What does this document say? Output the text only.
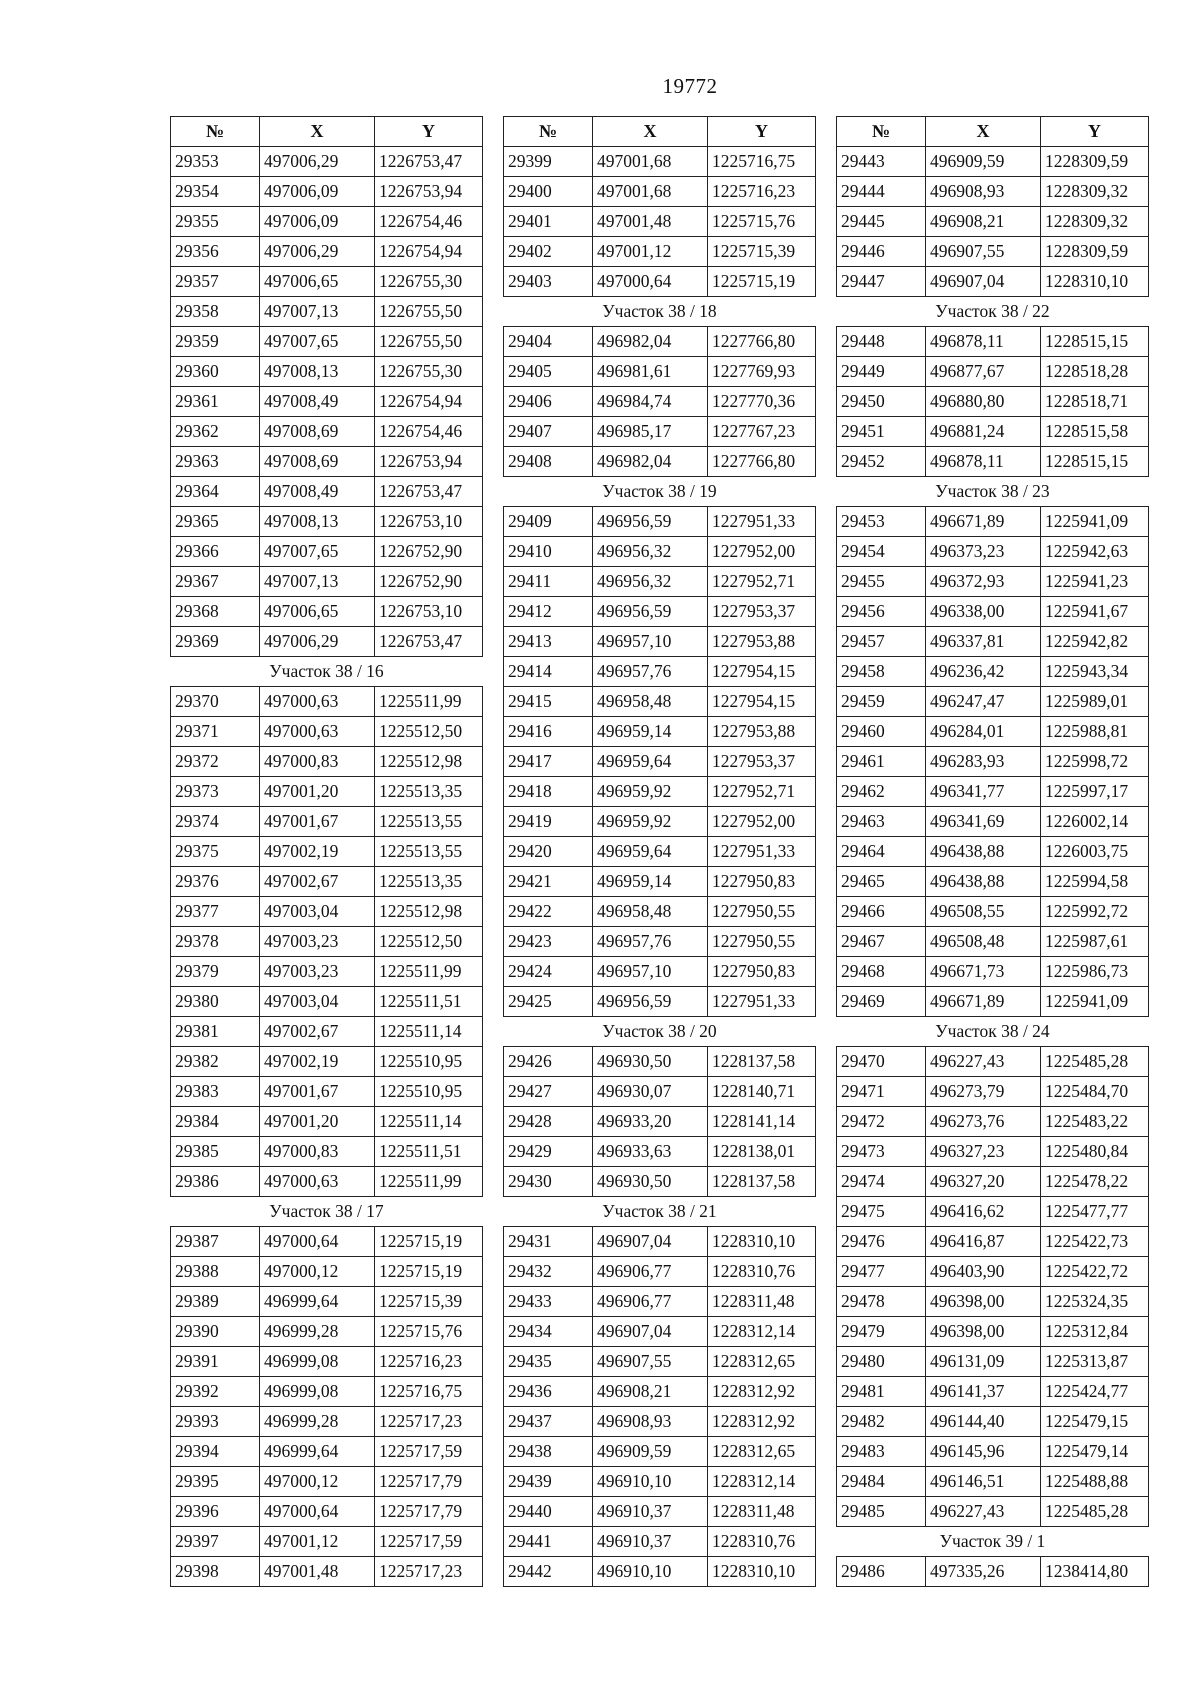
19772
№	X	Y
29353	497006,29	1226753,47
29354	497006,09	1226753,94
29355	497006,09	1226754,46
29356	497006,29	1226754,94
29357	497006,65	1226755,30
29358	497007,13	1226755,50
29359	497007,65	1226755,50
29360	497008,13	1226755,30
29361	497008,49	1226754,94
29362	497008,69	1226754,46
29363	497008,69	1226753,94
29364	497008,49	1226753,47
29365	497008,13	1226753,10
29366	497007,65	1226752,90
29367	497007,13	1226752,90
29368	497006,65	1226753,10
29369	497006,29	1226753,47
Участок 38 / 16		
29370	497000,63	1225511,99
29371	497000,63	1225512,50
29372	497000,83	1225512,98
29373	497001,20	1225513,35
29374	497001,67	1225513,55
29375	497002,19	1225513,55
29376	497002,67	1225513,35
29377	497003,04	1225512,98
29378	497003,23	1225512,50
29379	497003,23	1225511,99
29380	497003,04	1225511,51
29381	497002,67	1225511,14
29382	497002,19	1225510,95
29383	497001,67	1225510,95
29384	497001,20	1225511,14
29385	497000,83	1225511,51
29386	497000,63	1225511,99
Участок 38 / 17		
29387	497000,64	1225715,19
29388	497000,12	1225715,19
29389	496999,64	1225715,39
29390	496999,28	1225715,76
29391	496999,08	1225716,23
29392	496999,08	1225716,75
29393	496999,28	1225717,23
29394	496999,64	1225717,59
29395	497000,12	1225717,79
29396	497000,64	1225717,79
29397	497001,12	1225717,59
29398	497001,48	1225717,23
№	X	Y
29399	497001,68	1225716,75
29400	497001,68	1225716,23
29401	497001,48	1225715,76
29402	497001,12	1225715,39
29403	497000,64	1225715,19
Участок 38 / 18		
29404	496982,04	1227766,80
29405	496981,61	1227769,93
29406	496984,74	1227770,36
29407	496985,17	1227767,23
29408	496982,04	1227766,80
Участок 38 / 19		
29409	496956,59	1227951,33
29410	496956,32	1227952,00
29411	496956,32	1227952,71
29412	496956,59	1227953,37
29413	496957,10	1227953,88
29414	496957,76	1227954,15
29415	496958,48	1227954,15
29416	496959,14	1227953,88
29417	496959,64	1227953,37
29418	496959,92	1227952,71
29419	496959,92	1227952,00
29420	496959,64	1227951,33
29421	496959,14	1227950,83
29422	496958,48	1227950,55
29423	496957,76	1227950,55
29424	496957,10	1227950,83
29425	496956,59	1227951,33
Участок 38 / 20		
29426	496930,50	1228137,58
29427	496930,07	1228140,71
29428	496933,20	1228141,14
29429	496933,63	1228138,01
29430	496930,50	1228137,58
Участок 38 / 21		
29431	496907,04	1228310,10
29432	496906,77	1228310,76
29433	496906,77	1228311,48
29434	496907,04	1228312,14
29435	496907,55	1228312,65
29436	496908,21	1228312,92
29437	496908,93	1228312,92
29438	496909,59	1228312,65
29439	496910,10	1228312,14
29440	496910,37	1228311,48
29441	496910,37	1228310,76
29442	496910,10	1228310,10
№	X	Y
29443	496909,59	1228309,59
29444	496908,93	1228309,32
29445	496908,21	1228309,32
29446	496907,55	1228309,59
29447	496907,04	1228310,10
Участок 38 / 22		
29448	496878,11	1228515,15
29449	496877,67	1228518,28
29450	496880,80	1228518,71
29451	496881,24	1228515,58
29452	496878,11	1228515,15
Участок 38 / 23		
29453	496671,89	1225941,09
29454	496373,23	1225942,63
29455	496372,93	1225941,23
29456	496338,00	1225941,67
29457	496337,81	1225942,82
29458	496236,42	1225943,34
29459	496247,47	1225989,01
29460	496284,01	1225988,81
29461	496283,93	1225998,72
29462	496341,77	1225997,17
29463	496341,69	1226002,14
29464	496438,88	1226003,75
29465	496438,88	1225994,58
29466	496508,55	1225992,72
29467	496508,48	1225987,61
29468	496671,73	1225986,73
29469	496671,89	1225941,09
Участок 38 / 24		
29470	496227,43	1225485,28
29471	496273,79	1225484,70
29472	496273,76	1225483,22
29473	496327,23	1225480,84
29474	496327,20	1225478,22
29475	496416,62	1225477,77
29476	496416,87	1225422,73
29477	496403,90	1225422,72
29478	496398,00	1225324,35
29479	496398,00	1225312,84
29480	496131,09	1225313,87
29481	496141,37	1225424,77
29482	496144,40	1225479,15
29483	496145,96	1225479,14
29484	496146,51	1225488,88
29485	496227,43	1225485,28
Участок 39 / 1		
29486	497335,26	1238414,80
